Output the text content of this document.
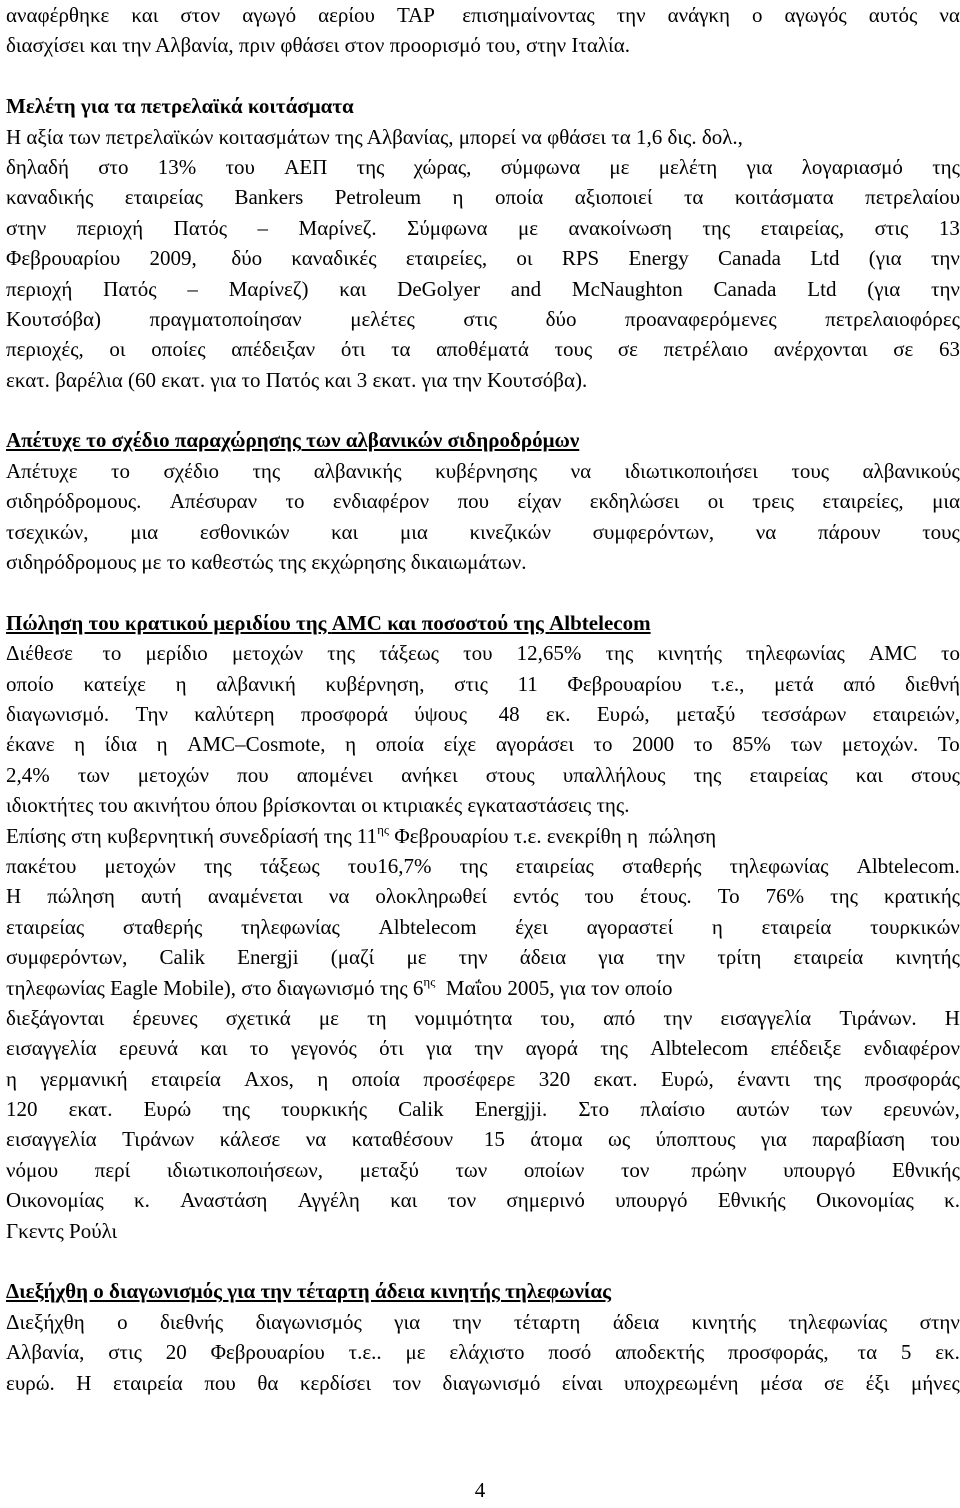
αναφέρθηκε και στον αγωγό αερίου TAP επισημαίνοντας την ανάγκη ο αγωγός αυτός να
διασχίσει και την Αλβανία, πριν φθάσει στον προορισμό του, στην Ιταλία.
Μελέτη για τα πετρελαϊκά κοιτάσματα
Η αξία των πετρελαϊκών κοιτασμάτων της Αλβανίας, μπορεί να φθάσει τα 1,6 δις. δολ.,
δηλαδή στο 13% του ΑΕΠ της χώρας, σύμφωνα με μελέτη για λογαριασμό της
καναδικής εταιρείας Bankers Petroleum η οποία αξιοποιεί τα κοιτάσματα πετρελαίου
στην περιοχή Πατός – Μαρίνεζ. Σύμφωνα με ανακοίνωση της εταιρείας, στις 13
Φεβρουαρίου 2009, δύο καναδικές εταιρείες, οι RPS Energy Canada Ltd (για την
περιοχή Πατός – Μαρίνεζ) και DeGolyer and McNaughton Canada Ltd (για την
Κουτσόβα) πραγματοποίησαν μελέτες στις δύο προαναφερόμενες πετρελαιοφόρες
περιοχές, οι οποίες απέδειξαν ότι τα αποθέματά τους σε πετρέλαιο ανέρχονται σε 63
εκατ. βαρέλια (60 εκατ. για το Πατός και 3 εκατ. για την Κουτσόβα).
Απέτυχε το σχέδιο παραχώρησης των αλβανικών σιδηροδρόμων
Απέτυχε το σχέδιο της αλβανικής κυβέρνησης να ιδιωτικοποιήσει τους αλβανικούς
σιδηρόδρομους. Απέσυραν το ενδιαφέρον που είχαν εκδηλώσει οι τρεις εταιρείες, μια
τσεχικών, μια εσθονικών και μια κινεζικών συμφερόντων, να πάρουν τους
σιδηρόδρομους με το καθεστώς της εκχώρησης δικαιωμάτων.
Πώληση του κρατικού μεριδίου της AMC και ποσοστού της Albtelecom
Διέθεσε το μερίδιο μετοχών της τάξεως του 12,65% της κινητής τηλεφωνίας AMC το
οποίο κατείχε η αλβανική κυβέρνηση, στις 11 Φεβρουαρίου τ.ε., μετά από διεθνή
διαγωνισμό. Την καλύτερη προσφορά ύψους 48 εκ. Ευρώ, μεταξύ τεσσάρων εταιρειών,
έκανε η ίδια η AMC–Cosmote, η οποία είχε αγοράσει το 2000 το 85% των μετοχών. Το
2,4% των μετοχών που απομένει ανήκει στους υπαλλήλους της εταιρείας και στους
ιδιοκτήτες του ακινήτου όπου βρίσκονται οι κτιριακές εγκαταστάσεις της.
Επίσης στη κυβερνητική συνεδρίασή της $11^{\eta\varsigma}$ Φεβρουαρίου τ.ε. ενεκρίθη η  πώληση
πακέτου μετοχών της τάξεως του16,7% της εταιρείας σταθερής τηλεφωνίας Albtelecom.
Η πώληση αυτή αναμένεται να ολοκληρωθεί εντός του έτους. Το 76% της κρατικής
εταιρείας σταθερής τηλεφωνίας Albtelecom έχει αγοραστεί η εταιρεία τουρκικών
συμφερόντων, Calik Energji (μαζί με την άδεια για την τρίτη εταιρεία κινητής
τηλεφωνίας Eagle Mobile), στο διαγωνισμό της $6^{\eta\varsigma}$  Μαΐου 2005, για τον οποίο
διεξάγονται έρευνες σχετικά με τη νομιμότητα του, από την εισαγγελία Τιράνων. Η
εισαγγελία ερευνά και το γεγονός ότι για την αγορά της Albtelecom επέδειξε ενδιαφέρον
η γερμανική εταιρεία Axos, η οποία προσέφερε 320 εκατ. Ευρώ, έναντι της προσφοράς
120 εκατ. Ευρώ της τουρκικής Calik Energjji. Στο πλαίσιο αυτών των ερευνών,
εισαγγελία Τιράνων κάλεσε να καταθέσουν 15 άτομα ως ύποπτους για παραβίαση του
νόμου περί ιδιωτικοποιήσεων, μεταξύ των οποίων τον πρώην υπουργό Εθνικής
Οικονομίας κ. Αναστάση Αγγέλη και τον σημερινό υπουργό Εθνικής Οικονομίας κ.
Γκεντς Ρούλι
Διεξήχθη ο διαγωνισμός για την τέταρτη άδεια κινητής τηλεφωνίας
Διεξήχθη ο διεθνής διαγωνισμός για την τέταρτη άδεια κινητής τηλεφωνίας στην
Αλβανία, στις 20 Φεβρουαρίου τ.ε.. με ελάχιστο ποσό αποδεκτής προσφοράς, τα 5 εκ.
ευρώ. Η εταιρεία που θα κερδίσει τον διαγωνισμό είναι υποχρεωμένη μέσα σε έξι μήνες
4
